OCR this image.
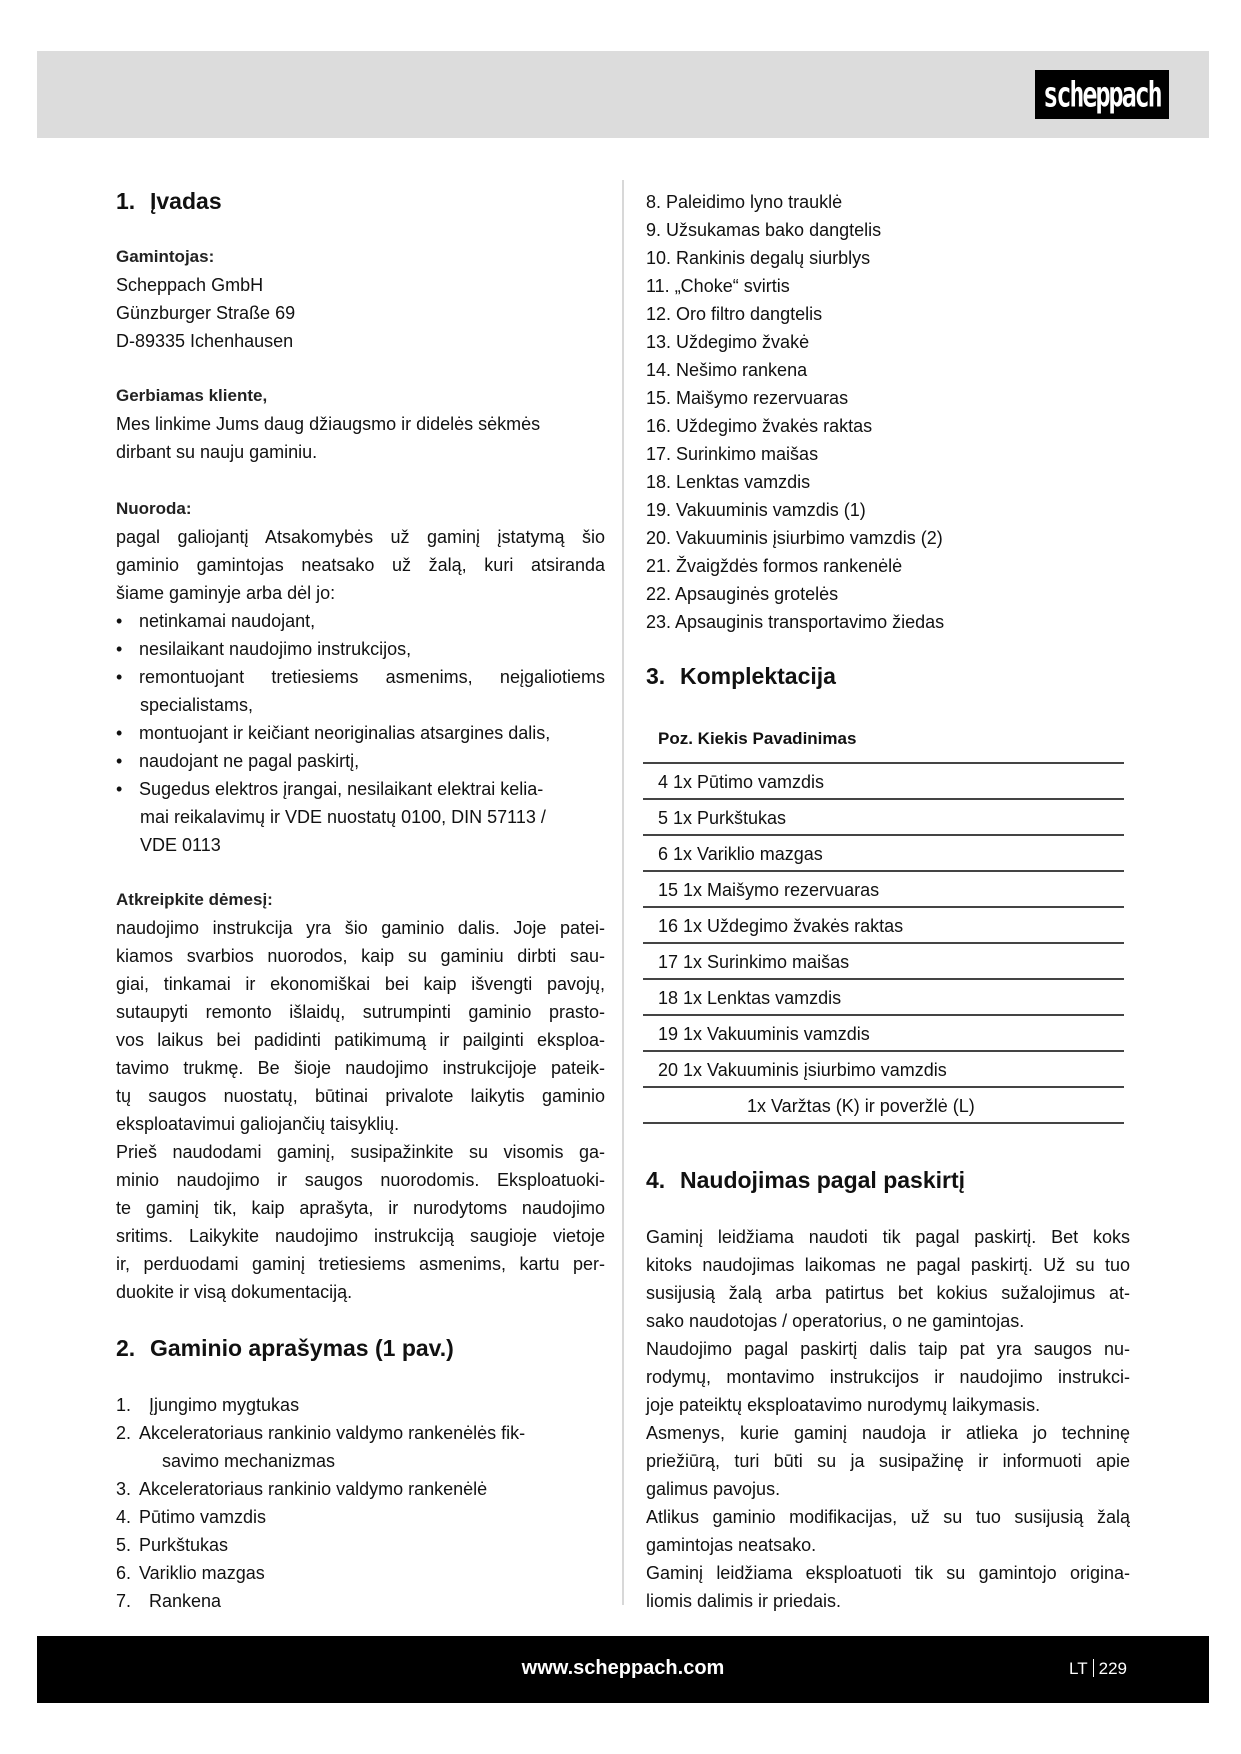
scheppach
1. Įvadas
Gamintojas:
Scheppach GmbH
Günzburger Straße 69
D-89335 Ichenhausen
Gerbiamas kliente,
Mes linkime Jums daug džiaugsmo ir didelės sėkmės
dirbant su nauju gaminiu.
Nuoroda:
pagal galiojantį Atsakomybės už gaminį įstatymą šio
gaminio gamintojas neatsako už žalą, kuri atsiranda
šiame gaminyje arba dėl jo:
• netinkamai naudojant,
• nesilaikant naudojimo instrukcijos,
• remontuojant tretiesiems asmenims, neįgaliotiems
specialistams,
• montuojant ir keičiant neoriginalias atsargines dalis,
• naudojant ne pagal paskirtį,
• Sugedus elektros įrangai, nesilaikant elektrai kelia-
mai reikalavimų ir VDE nuostatų 0100, DIN 57113 /
VDE 0113
Atkreipkite dėmesį:
naudojimo instrukcija yra šio gaminio dalis. Joje patei-
kiamos svarbios nuorodos, kaip su gaminiu dirbti sau-
giai, tinkamai ir ekonomiškai bei kaip išvengti pavojų,
sutaupyti remonto išlaidų, sutrumpinti gaminio prasto-
vos laikus bei padidinti patikimumą ir pailginti eksploa-
tavimo trukmę. Be šioje naudojimo instrukcijoje pateik-
tų saugos nuostatų, būtinai privalote laikytis gaminio
eksploatavimui galiojančių taisyklių.
Prieš naudodami gaminį, susipažinkite su visomis ga-
minio naudojimo ir saugos nuorodomis. Eksploatuoki-
te gaminį tik, kaip aprašyta, ir nurodytoms naudojimo
sritims. Laikykite naudojimo instrukciją saugioje vietoje
ir, perduodami gaminį tretiesiems asmenims, kartu per-
duokite ir visą dokumentaciją.
2. Gaminio aprašymas (1 pav.)
1. Įjungimo mygtukas
2. Akceleratoriaus rankinio valdymo rankenėlės fik-
savimo mechanizmas
3. Akceleratoriaus rankinio valdymo rankenėlė
4. Pūtimo vamzdis
5. Purkštukas
6. Variklio mazgas
7. Rankena
8. Paleidimo lyno trauklė
9. Užsukamas bako dangtelis
10. Rankinis degalų siurblys
11. „Choke“ svirtis
12. Oro filtro dangtelis
13. Uždegimo žvakė
14. Nešimo rankena
15. Maišymo rezervuaras
16. Uždegimo žvakės raktas
17. Surinkimo maišas
18. Lenktas vamzdis
19. Vakuuminis vamzdis (1)
20. Vakuuminis įsiurbimo vamzdis (2)
21. Žvaigždės formos rankenėlė
22. Apsauginės grotelės
23. Apsauginis transportavimo žiedas
3. Komplektacija
4. Naudojimas pagal paskirtį
Gaminį leidžiama naudoti tik pagal paskirtį. Bet koks
kitoks naudojimas laikomas ne pagal paskirtį. Už su tuo
susijusią žalą arba patirtus bet kokius sužalojimus at-
sako naudotojas / operatorius, o ne gamintojas.
Naudojimo pagal paskirtį dalis taip pat yra saugos nu-
rodymų, montavimo instrukcijos ir naudojimo instrukci-
joje pateiktų eksploatavimo nurodymų laikymasis.
Asmenys, kurie gaminį naudoja ir atlieka jo techninę
priežiūrą, turi būti su ja susipažinę ir informuoti apie
galimus pavojus.
Atlikus gaminio modifikacijas, už su tuo susijusią žalą
gamintojas neatsako.
Gaminį leidžiama eksploatuoti tik su gamintojo origina-
liomis dalimis ir priedais.
Poz. Kiekis Pavadinimas
4 1x Pūtimo vamzdis
5 1x Purkštukas
6 1x Variklio mazgas
15 1x Maišymo rezervuaras
16 1x Uždegimo žvakės raktas
17 1x Surinkimo maišas
18 1x Lenktas vamzdis
19 1x Vakuuminis vamzdis
20 1x Vakuuminis įsiurbimo vamzdis
1x Varžtas (K) ir poveržlė (L)
www.scheppach.com	LT 229
